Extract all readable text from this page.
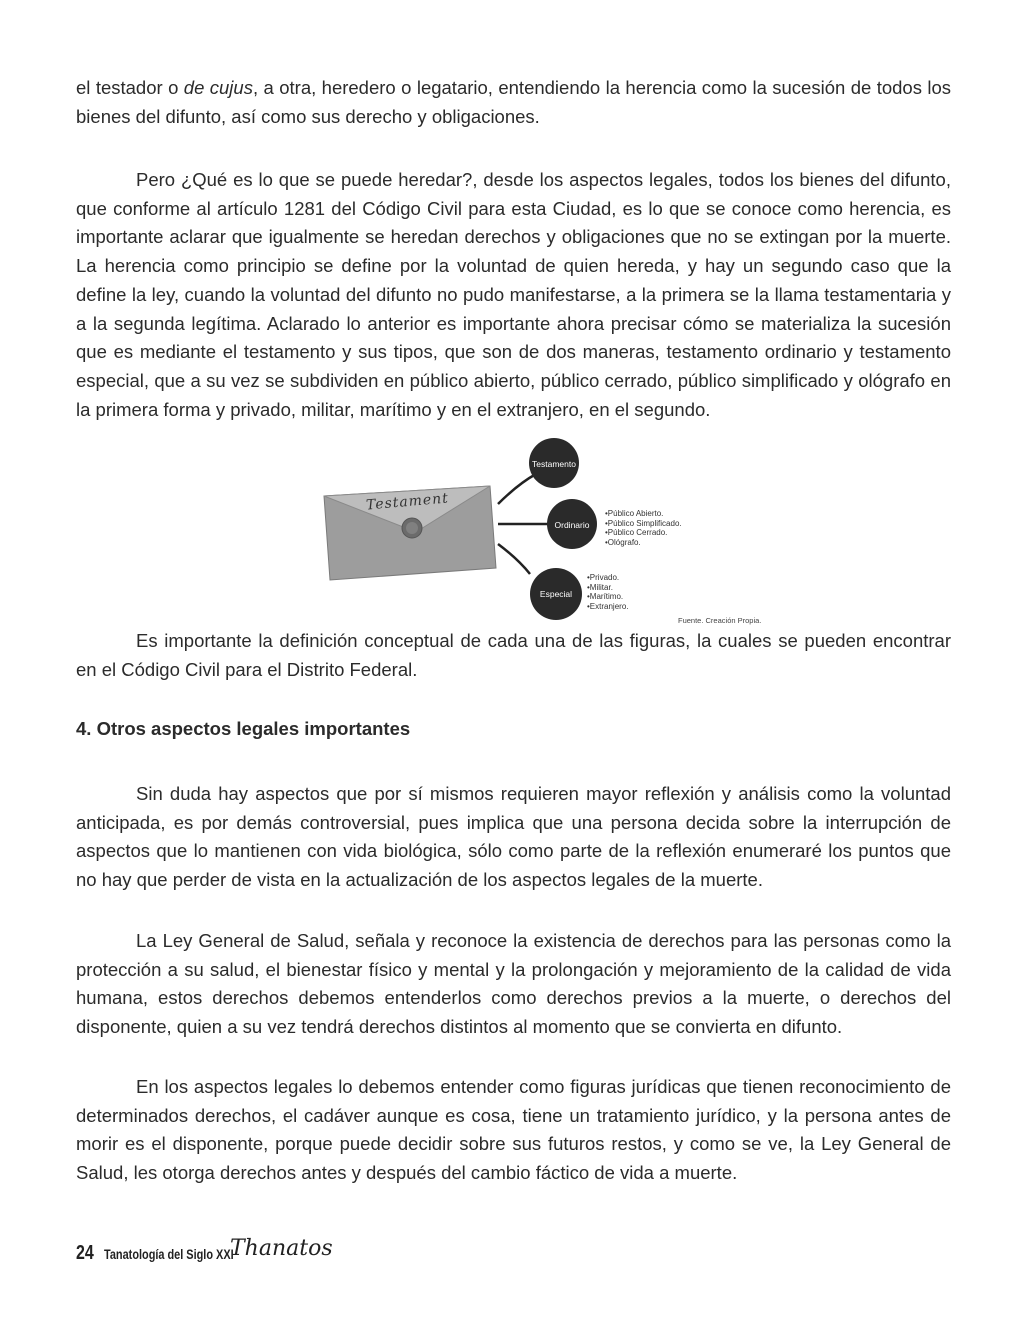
el testador o de cujus, a otra, heredero o legatario, entendiendo la herencia como la sucesión de todos los bienes del difunto, así como sus derecho y obligaciones.

Pero ¿Qué es lo que se puede heredar?, desde los aspectos legales, todos los bienes del difunto, que conforme al artículo 1281 del Código Civil para esta Ciudad, es lo que se conoce como herencia, es importante aclarar que igualmente se heredan derechos y obligaciones que no se extingan por la muerte. La herencia como principio se define por la voluntad de quien hereda, y hay un segundo caso que la define la ley, cuando la voluntad del difunto no pudo manifestarse, a la primera se la llama testamentaria y a la segunda legítima. Aclarado lo anterior es importante ahora precisar cómo se materializa la sucesión que es mediante el testamento y sus tipos, que son de dos maneras, testamento ordinario y testamento especial, que a su vez se subdividen en público abierto, público cerrado, público simplificado y ológrafo en la primera forma y privado, militar, marítimo y en el extranjero, en el segundo.

Testament
Testamento
Ordinario
Especial
•Público Abierto.
•Público Simplificado.
•Público Cerrado.
•Ológrafo.
•Privado.
•Militar.
•Marítimo.
•Extranjero.
Fuente. Creación Propia.

Es importante la definición conceptual de cada una de las figuras, la cuales se pueden encontrar en el Código Civil para el Distrito Federal.

4. Otros aspectos legales importantes

Sin duda hay aspectos que por sí mismos requieren mayor reflexión y análisis como la voluntad anticipada, es por demás controversial, pues implica que una persona decida sobre la interrupción de aspectos que lo mantienen con vida biológica, sólo como parte de la reflexión enumeraré los puntos que no hay que perder de vista en la actualización de los aspectos legales de la muerte.

La Ley General de Salud, señala y reconoce la existencia de derechos para las personas como la protección a su salud, el bienestar físico y mental y la prolongación y mejoramiento de la calidad de vida humana, estos derechos debemos entenderlos como derechos previos a la muerte, o derechos del disponente, quien a su vez tendrá derechos distintos al momento que se convierta en difunto.

En los aspectos legales lo debemos entender como figuras jurídicas que tienen reconocimiento de determinados derechos, el cadáver aunque es cosa, tiene un tratamiento jurídico, y la persona antes de morir es el disponente, porque puede decidir sobre sus futuros restos, y como se ve, la Ley General de Salud, les otorga derechos antes y después del cambio fáctico de vida a muerte.

24 Tanatología del Siglo XXI
Thanatos
